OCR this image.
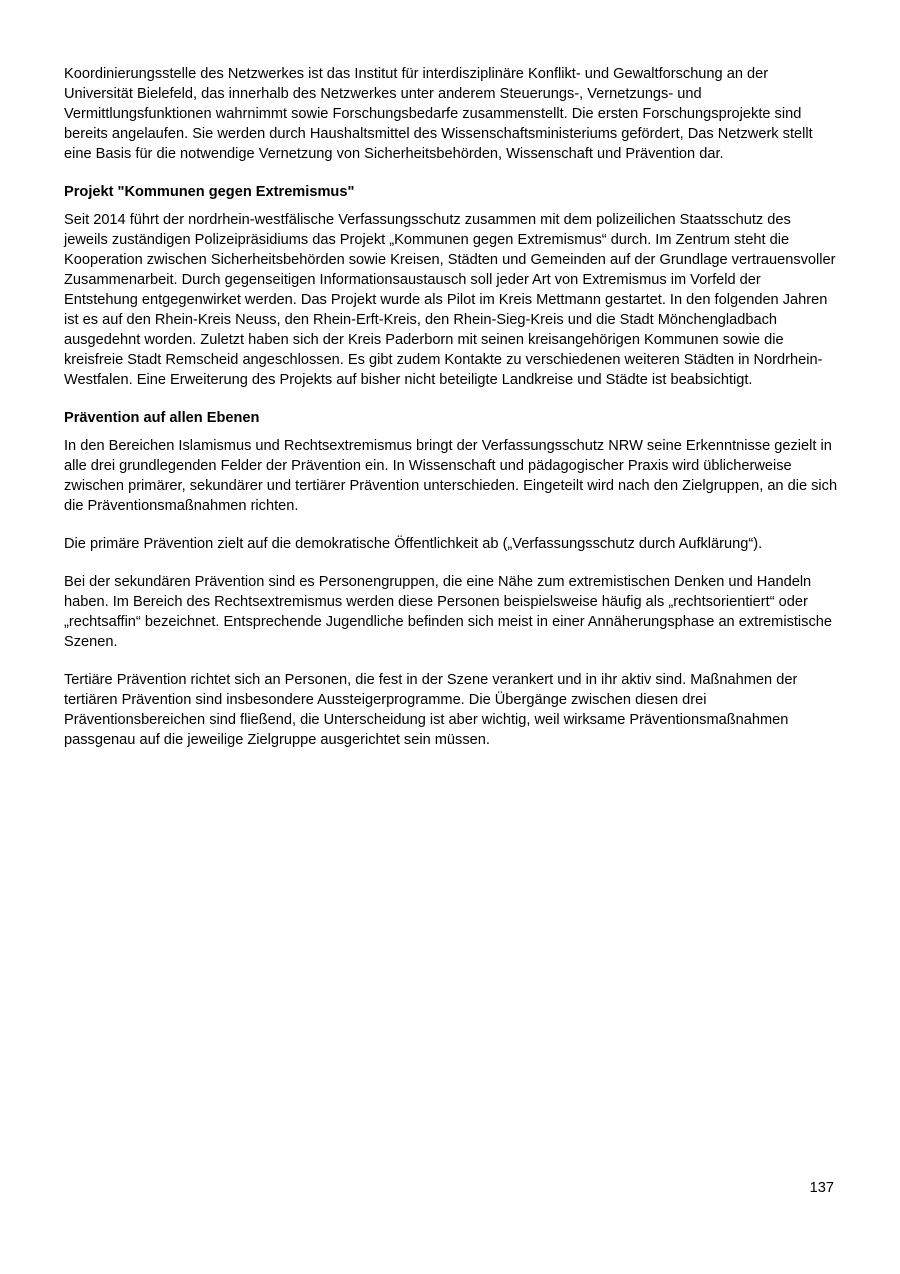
Koordinierungsstelle des Netzwerkes ist das Institut für interdisziplinäre Konflikt- und Gewaltforschung an der Universität Bielefeld, das innerhalb des Netzwerkes unter anderem Steuerungs-, Vernetzungs- und Vermittlungsfunktionen wahrnimmt sowie Forschungsbedarfe zusammenstellt. Die ersten Forschungsprojekte sind bereits angelaufen. Sie werden durch Haushaltsmittel des Wissenschaftsministeriums gefördert, Das Netzwerk stellt eine Basis für die notwendige Vernetzung von Sicherheitsbehörden, Wissenschaft und Prävention dar.

Projekt "Kommunen gegen Extremismus"

Seit 2014 führt der nordrhein-westfälische Verfassungsschutz zusammen mit dem polizeilichen Staatsschutz des jeweils zuständigen Polizeipräsidiums das Projekt „Kommunen gegen Extremismus“ durch. Im Zentrum steht die Kooperation zwischen Sicherheitsbehörden sowie Kreisen, Städten und Gemeinden auf der Grundlage vertrauensvoller Zusammenarbeit. Durch gegenseitigen Informationsaustausch soll jeder Art von Extremismus im Vorfeld der Entstehung entgegenwirket werden. Das Projekt wurde als Pilot im Kreis Mettmann gestartet. In den folgenden Jahren ist es auf den Rhein-Kreis Neuss, den Rhein-Erft-Kreis, den Rhein-Sieg-Kreis und die Stadt Mönchengladbach ausgedehnt worden. Zuletzt haben sich der Kreis Paderborn mit seinen kreisangehörigen Kommunen sowie die kreisfreie Stadt Remscheid angeschlossen. Es gibt zudem Kontakte zu verschiedenen weiteren Städten in Nordrhein-Westfalen. Eine Erweiterung des Projekts auf bisher nicht beteiligte Landkreise und Städte ist beabsichtigt.

Prävention auf allen Ebenen

In den Bereichen Islamismus und Rechtsextremismus bringt der Verfassungsschutz NRW seine Erkenntnisse gezielt in alle drei grundlegenden Felder der Prävention ein. In Wissenschaft und pädagogischer Praxis wird üblicherweise zwischen primärer, sekundärer und tertiärer Prävention unterschieden. Eingeteilt wird nach den Zielgruppen, an die sich die Präventionsmaßnahmen richten.

Die primäre Prävention zielt auf die demokratische Öffentlichkeit ab („Verfassungsschutz durch Aufklärung“).

Bei der sekundären Prävention sind es Personengruppen, die eine Nähe zum extremistischen Denken und Handeln haben. Im Bereich des Rechtsextremismus werden diese Personen beispielsweise häufig als „rechtsorientiert“ oder „rechtsaffin“ bezeichnet. Entsprechende Jugendliche befinden sich meist in einer Annäherungsphase an extremistische Szenen.

Tertiäre Prävention richtet sich an Personen, die fest in der Szene verankert und in ihr aktiv sind. Maßnahmen der tertiären Prävention sind insbesondere Aussteigerprogramme. Die Übergänge zwischen diesen drei Präventionsbereichen sind fließend, die Unterscheidung ist aber wichtig, weil wirksame Präventionsmaßnahmen passgenau auf die jeweilige Zielgruppe ausgerichtet sein müssen.

137
